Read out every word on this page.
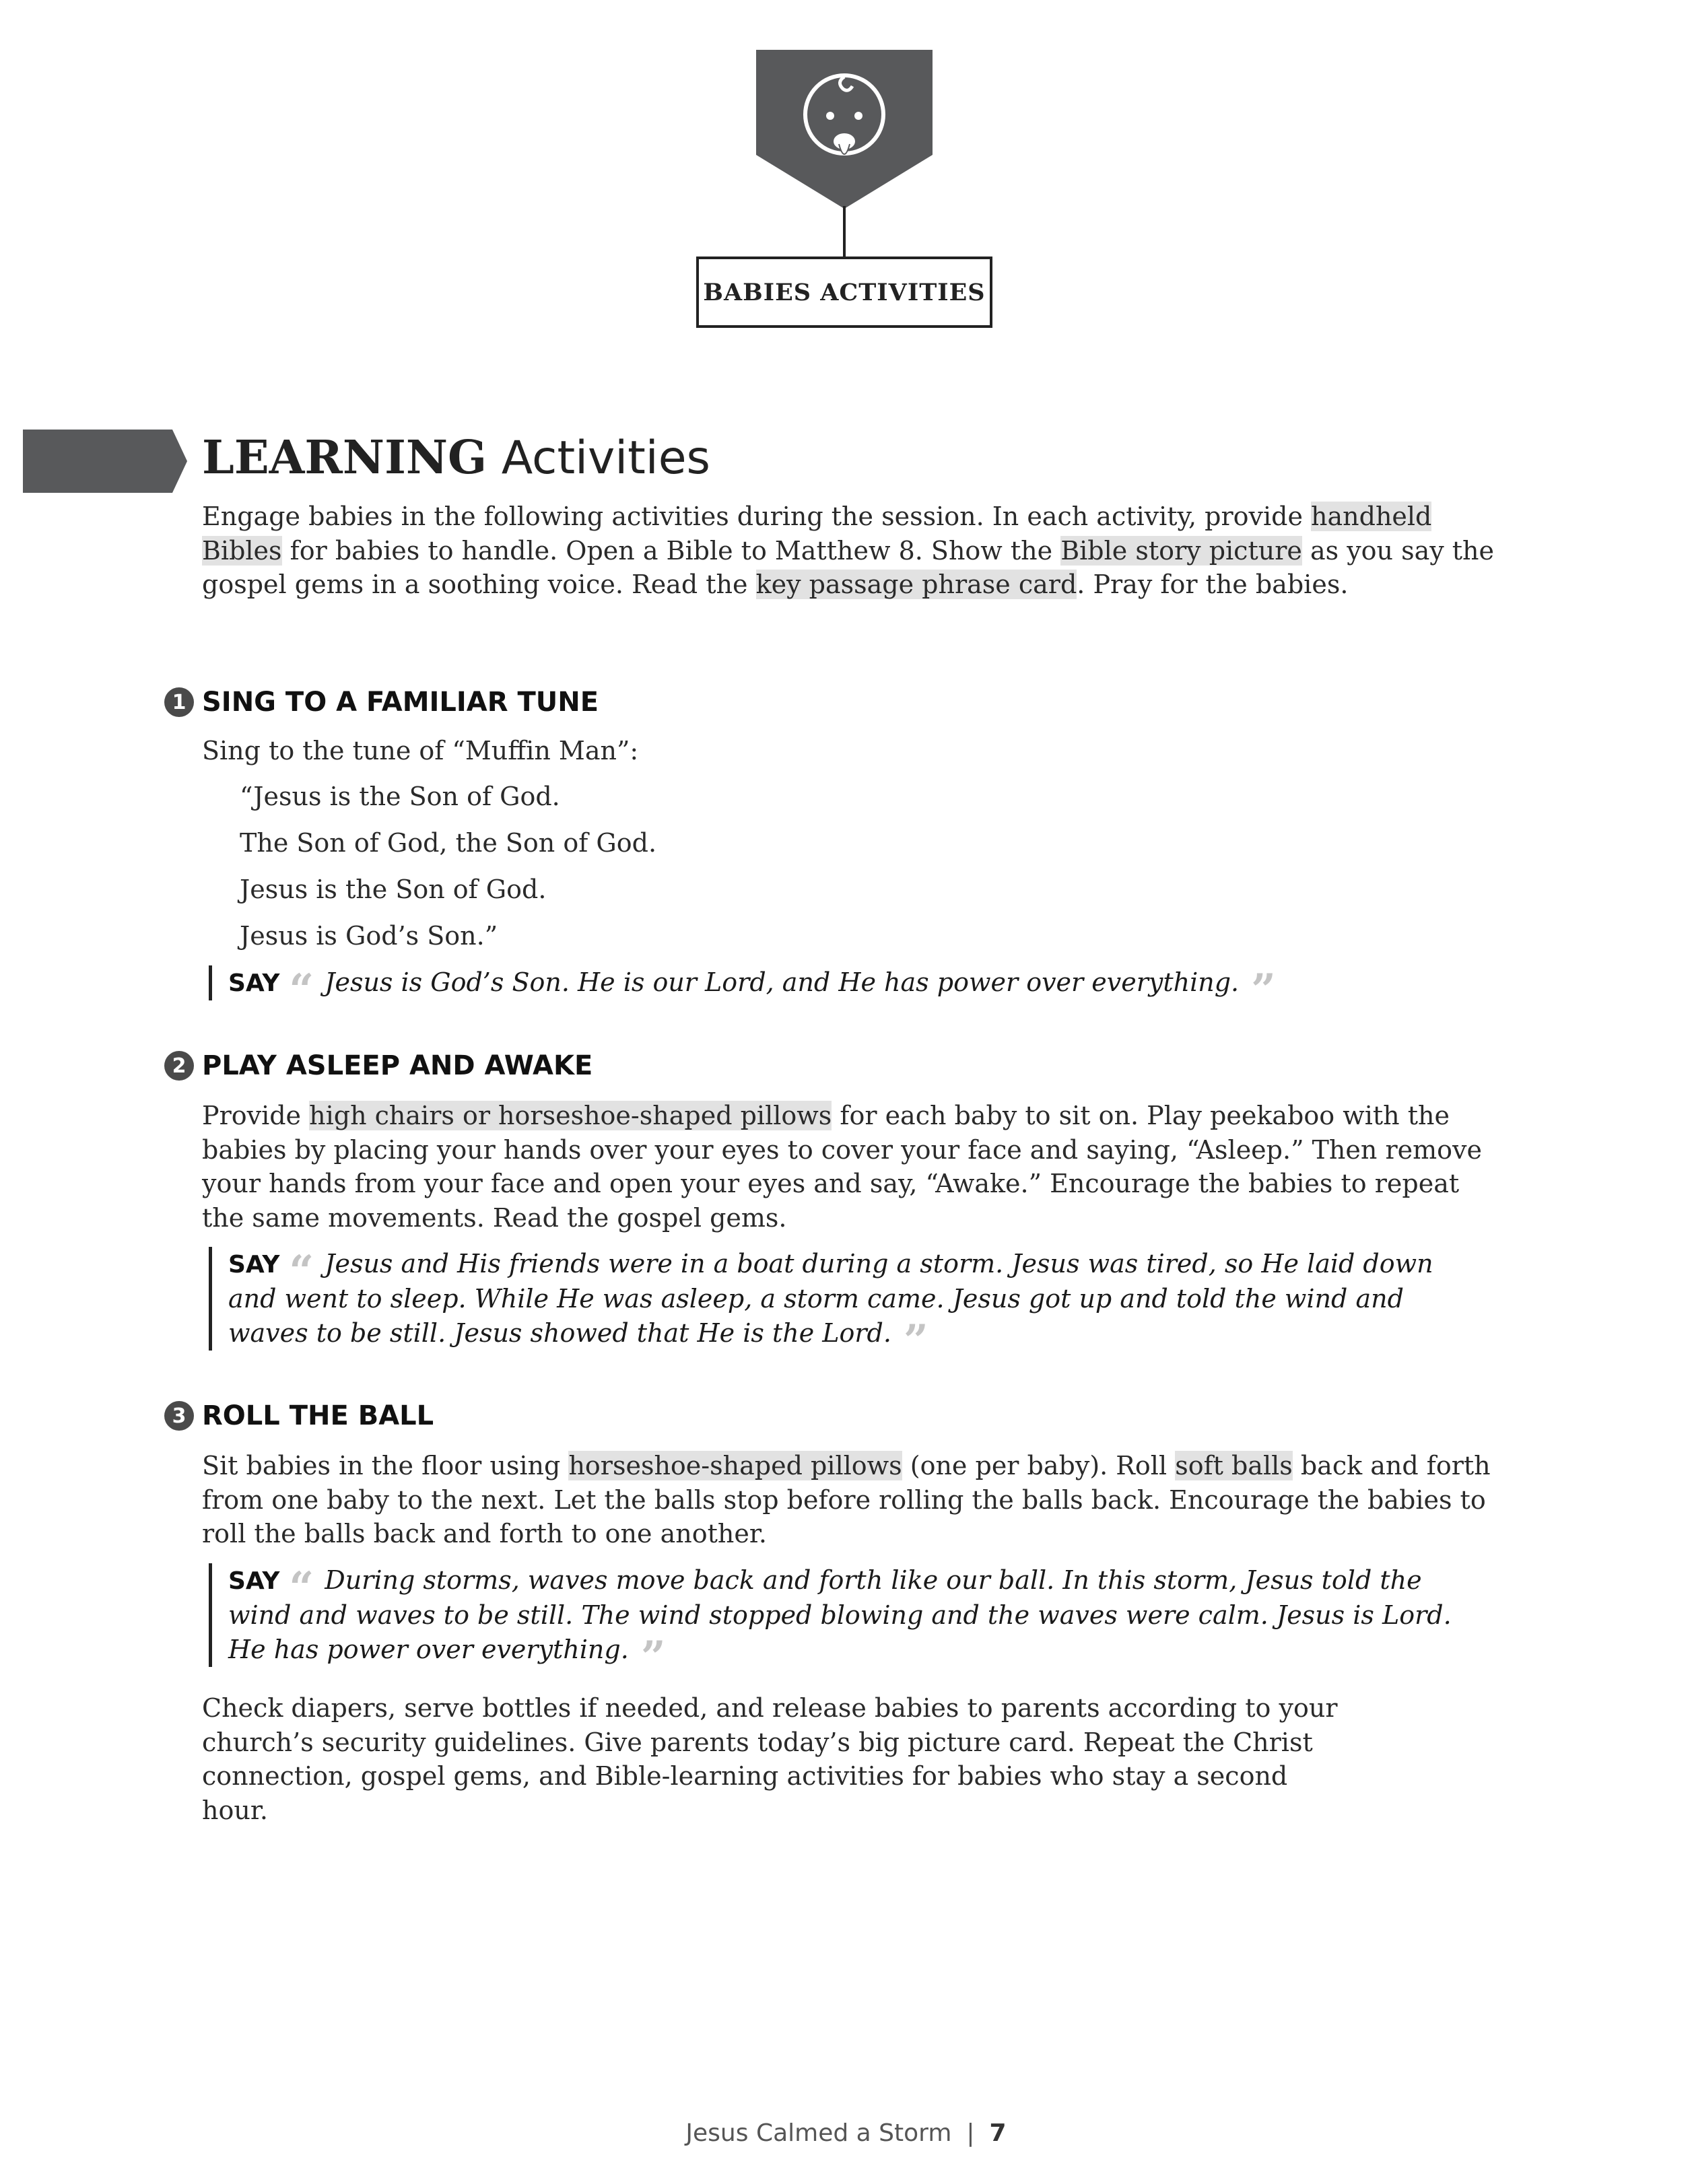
BABIES ACTIVITIES
LEARNING Activities
Engage babies in the following activities during the session. In each activity, provide handheld Bibles for babies to handle. Open a Bible to Matthew 8. Show the Bible story picture as you say the gospel gems in a soothing voice. Read the key passage phrase card. Pray for the babies.
1 SING TO A FAMILIAR TUNE
Sing to the tune of “Muffin Man”:
“Jesus is the Son of God.
The Son of God, the Son of God.
Jesus is the Son of God.
Jesus is God’s Son.”
SAY “ Jesus is God’s Son. He is our Lord, and He has power over everything. ”
2 PLAY ASLEEP AND AWAKE
Provide high chairs or horseshoe-shaped pillows for each baby to sit on. Play peekaboo with the babies by placing your hands over your eyes to cover your face and saying, “Asleep.” Then remove your hands from your face and open your eyes and say, “Awake.” Encourage the babies to repeat the same movements. Read the gospel gems.
SAY “ Jesus and His friends were in a boat during a storm. Jesus was tired, so He laid down and went to sleep. While He was asleep, a storm came. Jesus got up and told the wind and waves to be still. Jesus showed that He is the Lord. ”
3 ROLL THE BALL
Sit babies in the floor using horseshoe-shaped pillows (one per baby). Roll soft balls back and forth from one baby to the next. Let the balls stop before rolling the balls back. Encourage the babies to roll the balls back and forth to one another.
SAY “ During storms, waves move back and forth like our ball. In this storm, Jesus told the wind and waves to be still. The wind stopped blowing and the waves were calm. Jesus is Lord. He has power over everything. ”
Check diapers, serve bottles if needed, and release babies to parents according to your church’s security guidelines. Give parents today’s big picture card. Repeat the Christ connection, gospel gems, and Bible-learning activities for babies who stay a second hour.
Jesus Calmed a Storm | 7
